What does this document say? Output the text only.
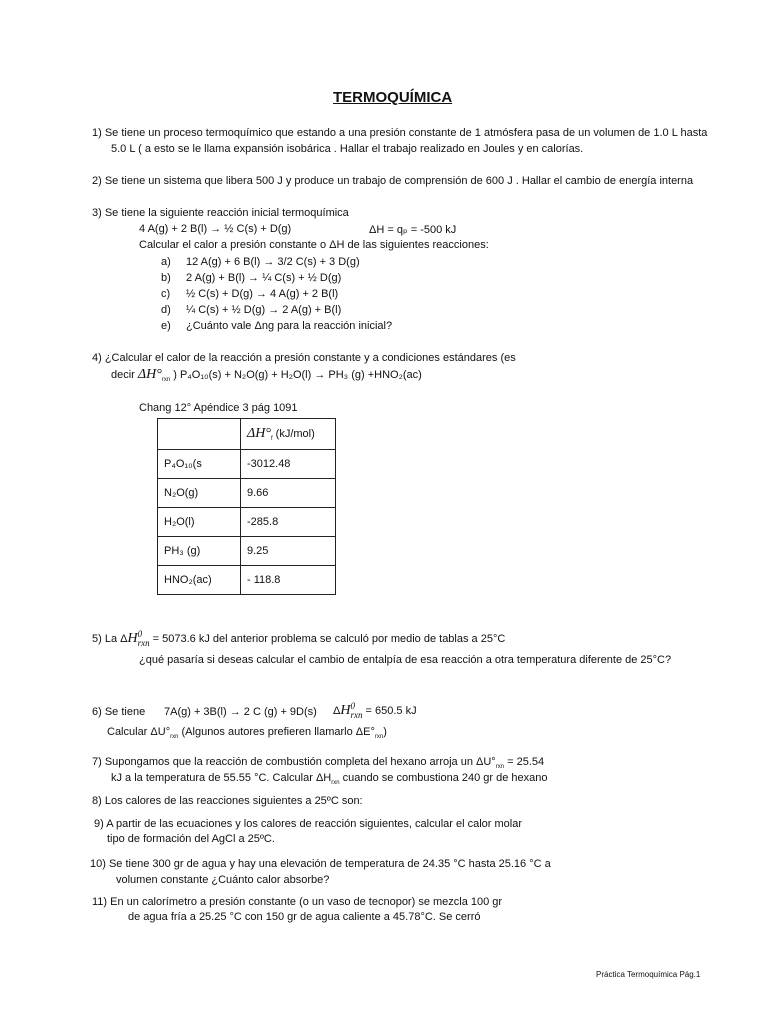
TERMOQUÍMICA
1) Se tiene un proceso termoquímico que estando a una presión constante de 1 atmósfera pasa de un volumen de 1.0 L hasta
5.0 L ( a esto se le llama expansión isobárica . Hallar el trabajo realizado en Joules y en calorías.
2) Se tiene un sistema que libera 500 J y produce un trabajo de comprensión de 600 J . Hallar el cambio de energía interna
3) Se tiene la siguiente reacción inicial termoquímica
4 A(g) + 2 B(l) → ½ C(s) + D(g)	ΔH = qₚ = -500 kJ
Calcular el calor a presión constante o ΔH de las siguientes reacciones:
a) 12 A(g) + 6 B(l) → 3/2 C(s) + 3 D(g)
b) 2 A(g) + B(l) → ¼ C(s) + ½ D(g)
c) ½ C(s) + D(g) → 4 A(g) + 2 B(l)
d) ¼ C(s) + ½ D(g) → 2 A(g) + B(l)
e) ¿Cuánto vale Δng para la reacción inicial?
4) ¿Calcular el calor de la reacción a presión constante y a condiciones estándares (es
decir $\Delta H^\circ_{rxn}$ ) P₄O₁₀(s) + N₂O(g) + H₂O(l) → PH₃ (g) +HNO₂(ac)
Chang 12° Apéndice 3 pág 1091
	$\Delta H^\circ_f$ (kJ/mol)
P₄O₁₀(s	-3012.48
N₂O(g)	9.66
H₂O(l)	-285.8
PH₃ (g)	9.25
HNO₂(ac)	- 118.8
5) La ΔH 0
rxn = 5073.6 kJ del anterior problema se calculó por medio de tablas a 25°C
¿qué pasaría si deseas calcular el cambio de entalpía de esa reacción a otra temperatura diferente de 25°C?
6) Se tiene 7A(g) + 3B(l) → 2 C (g) + 9D(s) ΔH 0
rxn = 650.5 kJ
Calcular $\Delta U^\circ_{rxn}$ (Algunos autores prefieren llamarlo $\Delta E^\circ_{rxn}$)
7) Supongamos que la reacción de combustión completa del hexano arroja un $\Delta U^\circ_{rxn} = 25.54$
kJ a la temperatura de 55.55 °C. Calcular $\Delta H_{rxn}$ cuando se combustiona 240 gr de hexano
8) Los calores de las reacciones siguientes a 25ºC son:
9) A partir de las ecuaciones y los calores de reacción siguientes, calcular el calor molar
tipo de formación del AgCl a 25ºC.
10) Se tiene 300 gr de agua y hay una elevación de temperatura de 24.35 °C hasta 25.16 °C a
volumen constante ¿Cuánto calor absorbe?
11) En un calorímetro a presión constante (o un vaso de tecnopor) se mezcla 100 gr
de agua fría a 25.25 °C con 150 gr de agua caliente a 45.78°C. Se cerró
Práctica Termoquímica Pág.1
